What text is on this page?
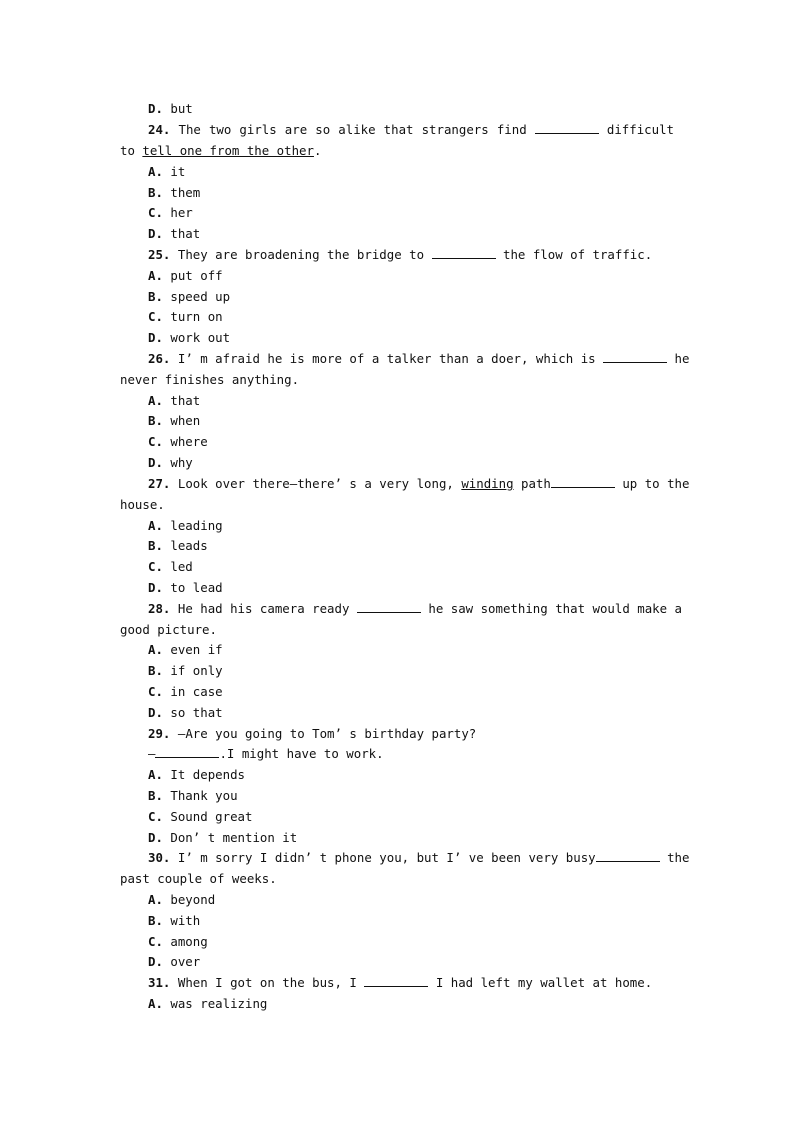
D. but
24. The two girls are so alike that strangers find	difficult
to tell one from the other.
A. it
B. them
C. her
D. that
25. They are broadening the bridge to	the flow of traffic.
A. put off
B. speed up
C. turn on
D. work out
26. I’ m afraid he is more of a talker than a doer, which is	he
never finishes anything.
A. that
B. when
C. where
D. why
27. Look over there—there’ s a very long, winding path	up to the
house.
A. leading
B. leads
C. led
D. to lead
28. He had his camera ready	he saw something that would make a
good picture.
A. even if
B. if only
C. in case
D. so that
29. —Are you going to Tom’ s birthday party?
—	.I might have to work.
A. It depends
B. Thank you
C. Sound great
D. Don’ t mention it
30. I’ m sorry I didn’ t phone you, but I’ ve been very busy	the
past couple of weeks.
A. beyond
B. with
C. among
D. over
31. When I got on the bus, I	I had left my wallet at home.
A. was realizing
